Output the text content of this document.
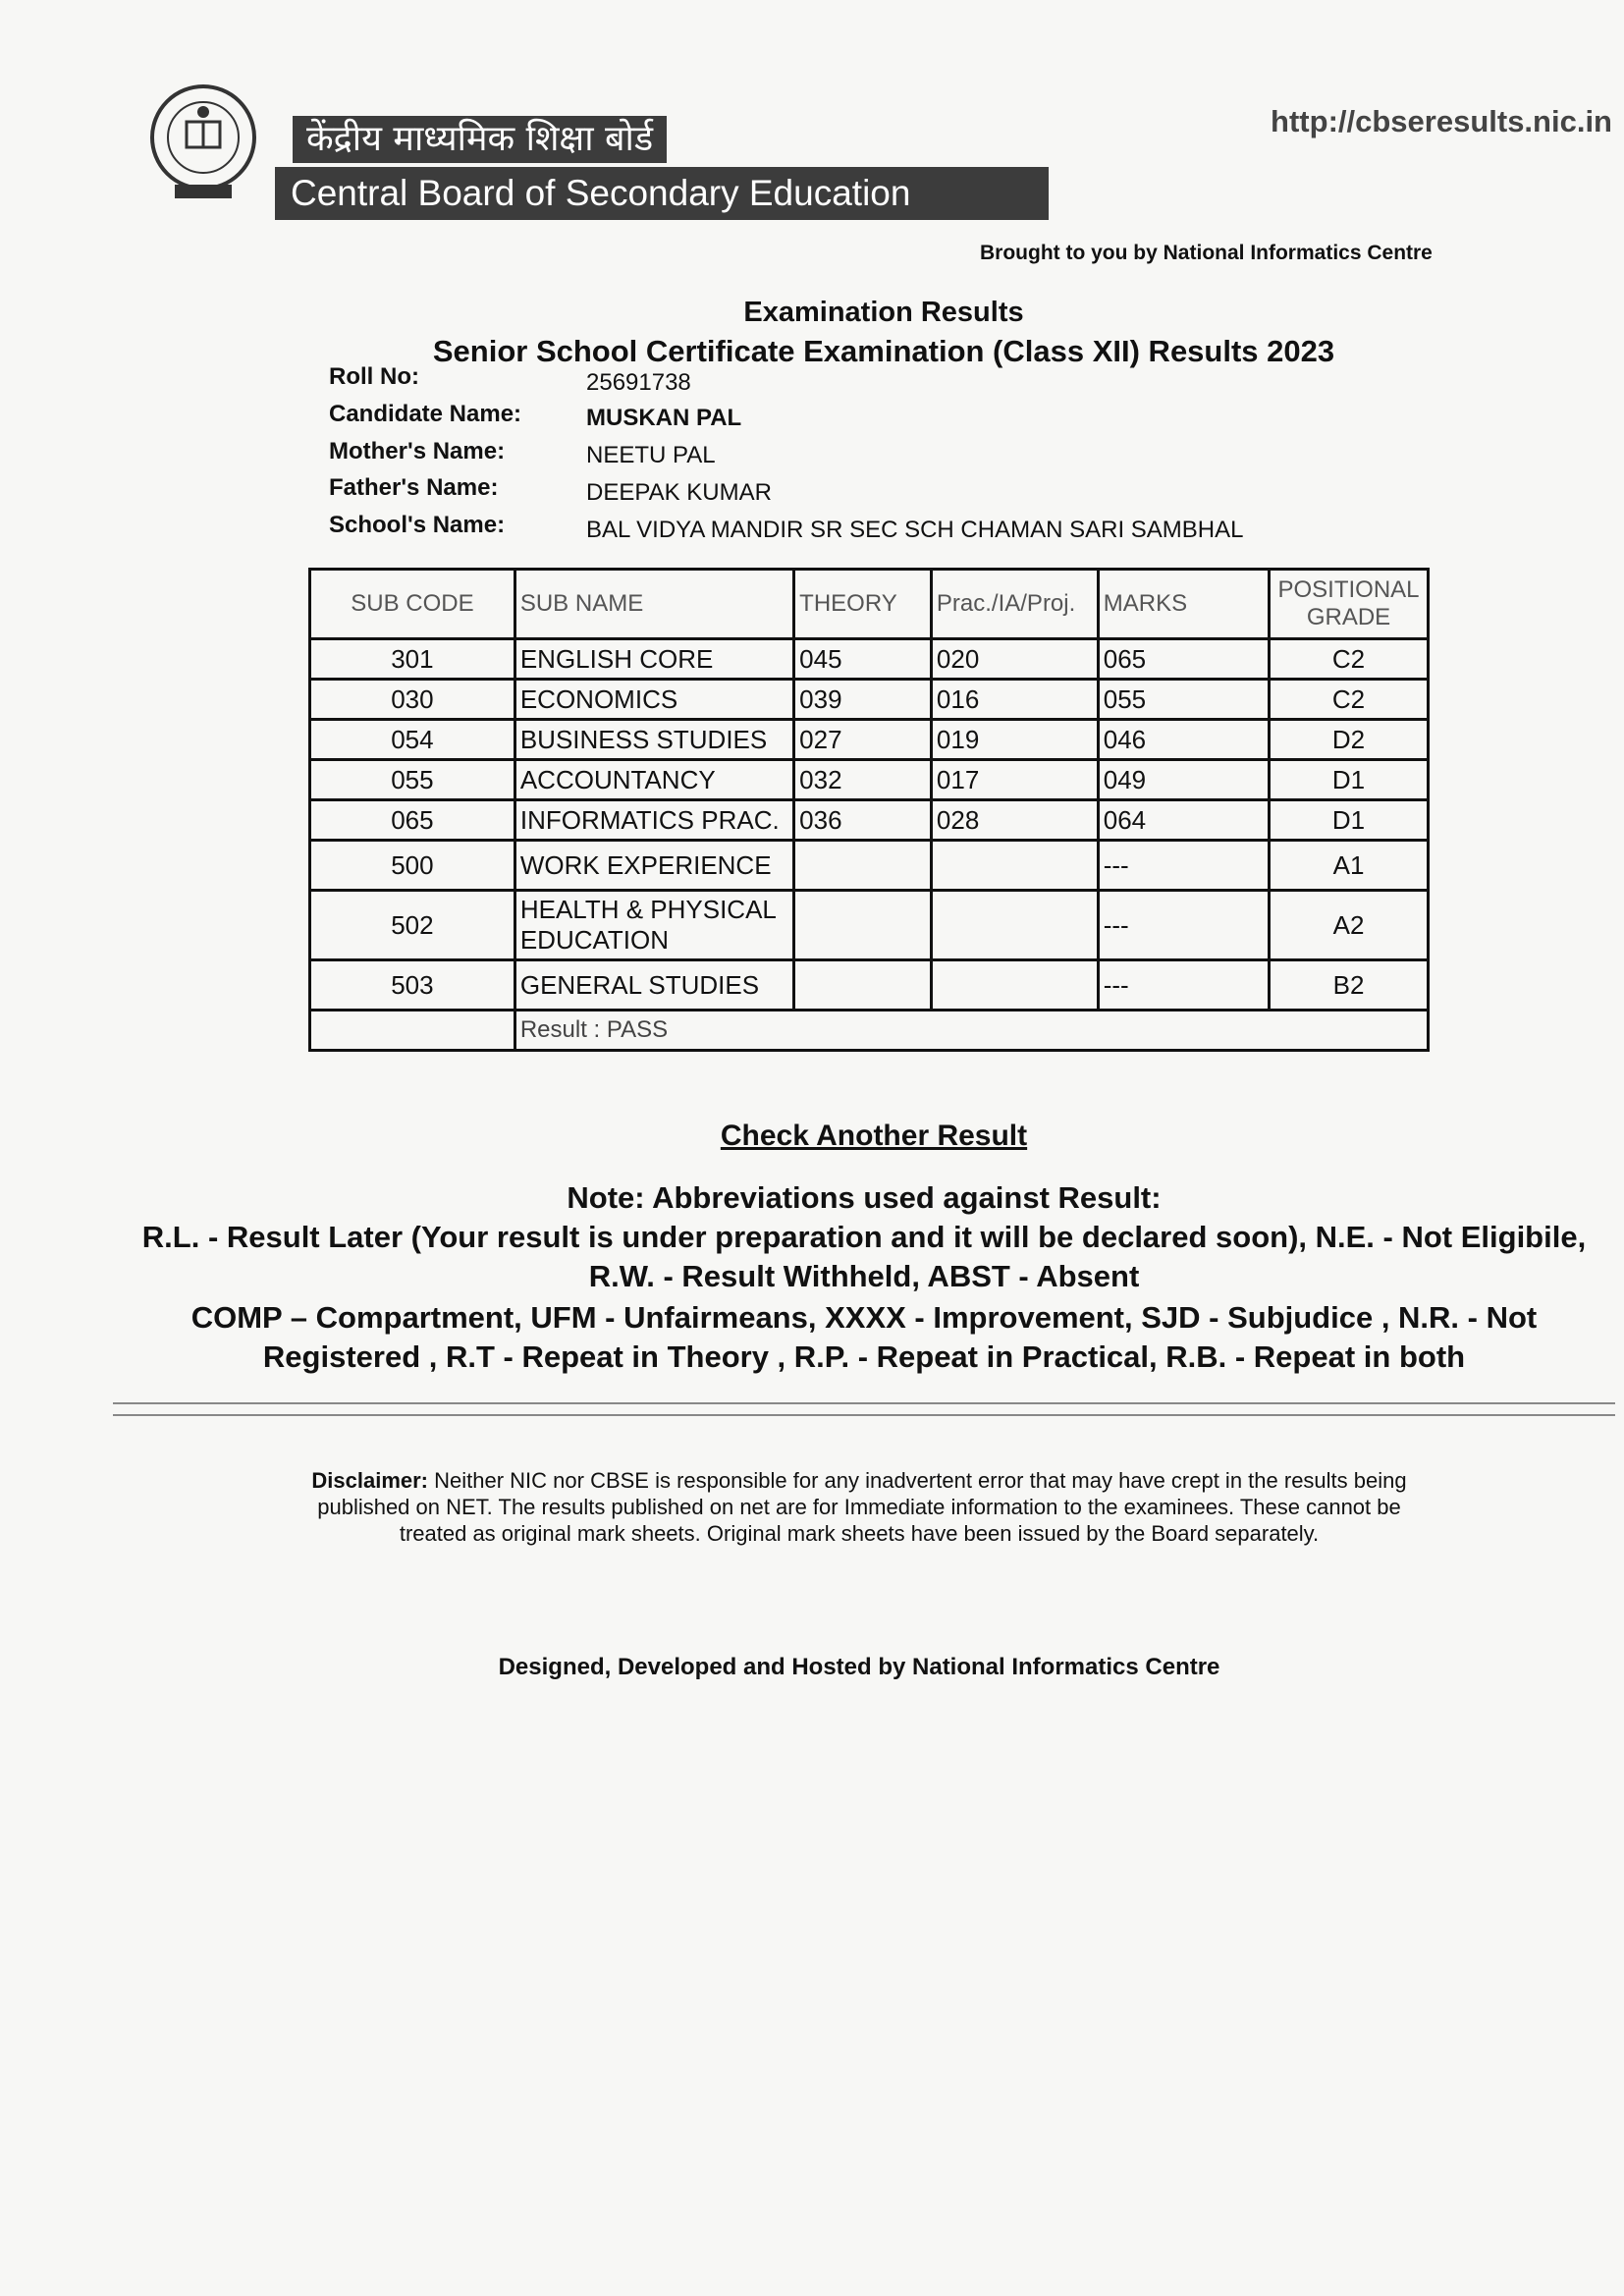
केंद्रीय माध्यमिक शिक्षा बोर्ड
Central Board of Secondary Education
http://cbseresults.nic.in
Brought to you by National Informatics Centre
Examination Results
Senior School Certificate Examination (Class XII) Results 2023
Roll No:	25691738
Candidate Name:	MUSKAN PAL
Mother's Name:	NEETU PAL
Father's Name:	DEEPAK KUMAR
School's Name:	BAL VIDYA MANDIR SR SEC SCH CHAMAN SARI SAMBHAL
SUB CODE	SUB NAME	THEORY	Prac./IA/Proj.	MARKS	POSITIONAL GRADE
301	ENGLISH CORE	045	020	065	C2
030	ECONOMICS	039	016	055	C2
054	BUSINESS STUDIES	027	019	046	D2
055	ACCOUNTANCY	032	017	049	D1
065	INFORMATICS PRAC.	036	028	064	D1
500	WORK EXPERIENCE			---	A1
502	HEALTH & PHYSICAL EDUCATION			---	A2
503	GENERAL STUDIES			---	B2
	Result : PASS				
Check Another Result
Note: Abbreviations used against Result:
R.L. - Result Later (Your result is under preparation and it will be declared soon), N.E. - Not Eligibile,
R.W. - Result Withheld, ABST - Absent
COMP – Compartment, UFM - Unfairmeans, XXXX - Improvement, SJD - Subjudice , N.R. - Not
Registered , R.T - Repeat in Theory , R.P. - Repeat in Practical, R.B. - Repeat in both
Disclaimer: Neither NIC nor CBSE is responsible for any inadvertent error that may have crept in the results being published on NET. The results published on net are for Immediate information to the examinees. These cannot be treated as original mark sheets. Original mark sheets have been issued by the Board separately.
Designed, Developed and Hosted by National Informatics Centre
